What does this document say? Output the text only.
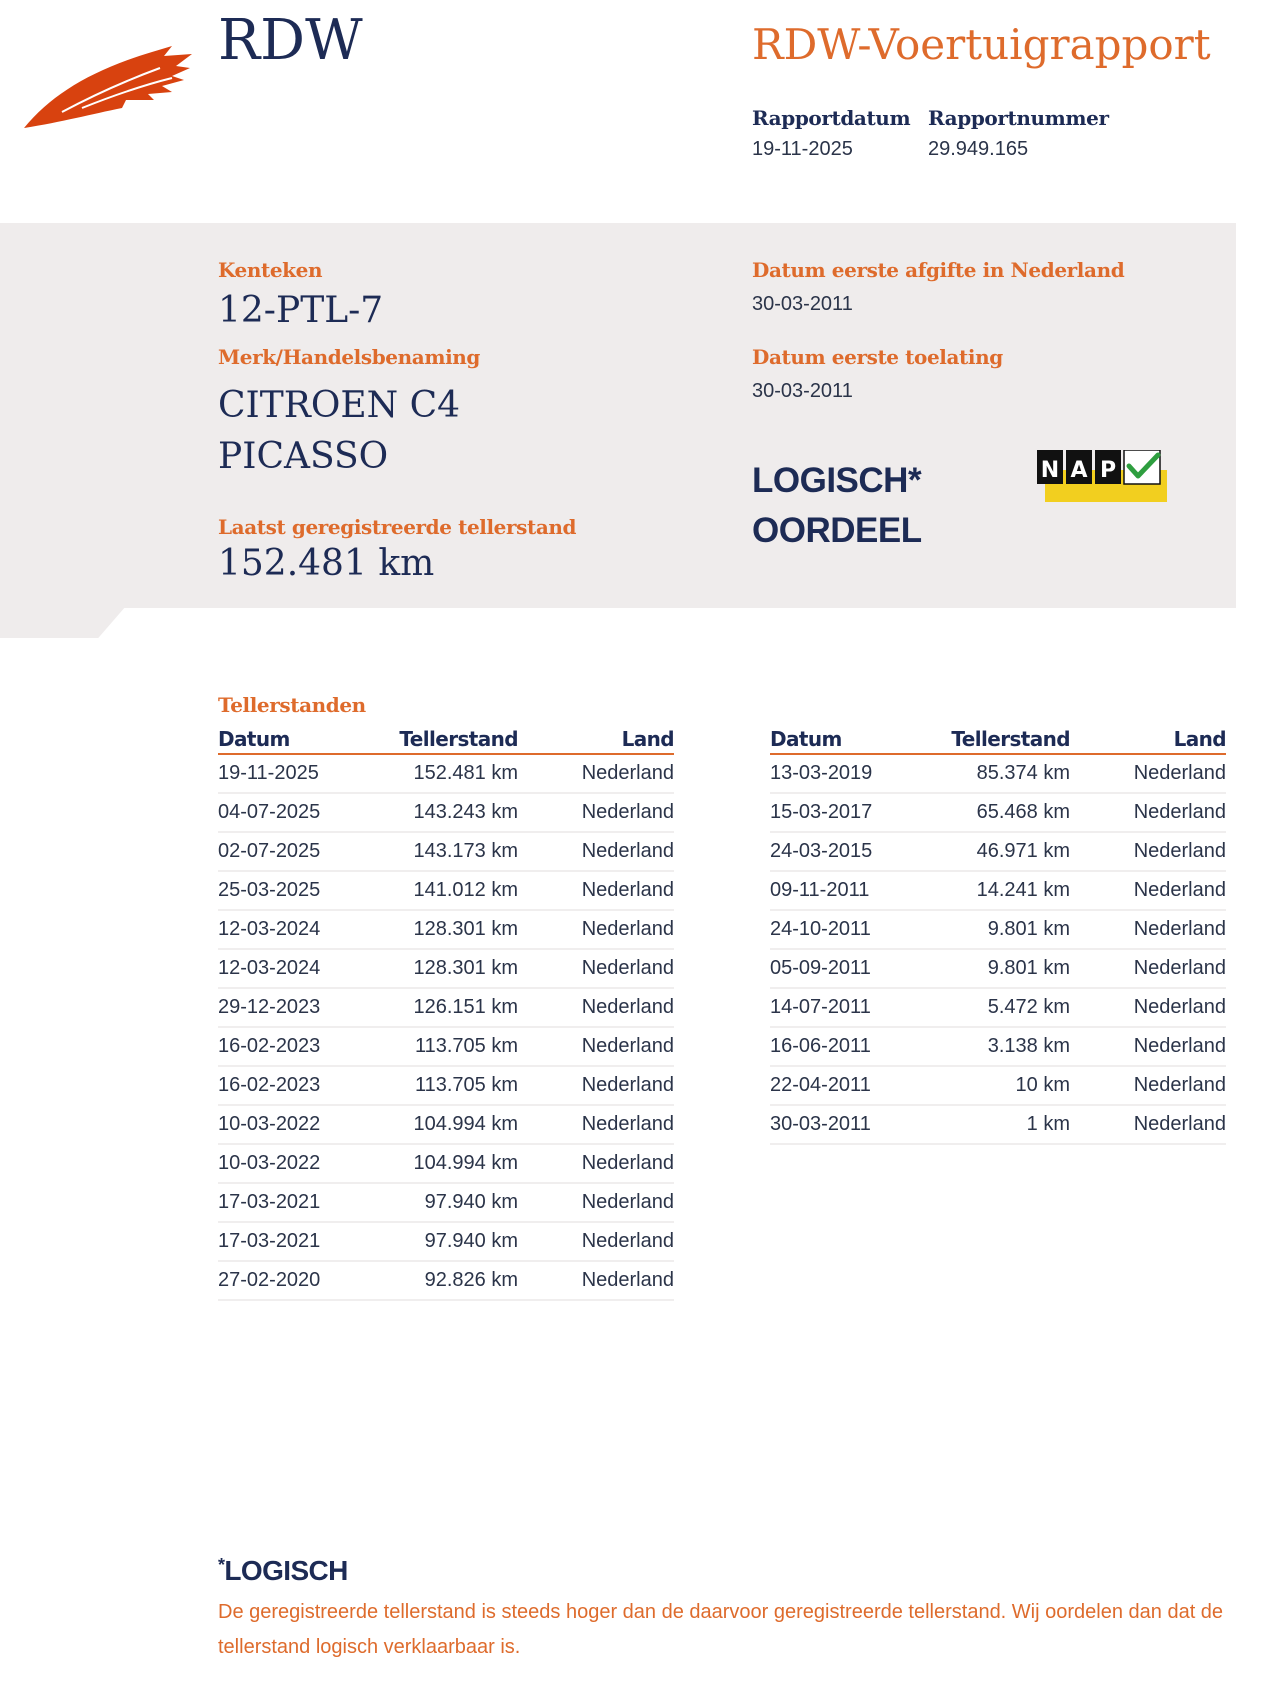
RDW	RDW-Voertuigrapport
Rapportdatum
19-11-2025
Rapportnummer
29.949.165
Kenteken
12-PTL-7
Merk/Handelsbenaming
CITROEN C4 PICASSO
Laatst geregistreerde tellerstand
152.481 km
Datum eerste afgifte in Nederland
30-03-2011
Datum eerste toelating
30-03-2011
LOGISCH*
OORDEEL
N A P
Tellerstanden
Datum	Tellerstand	Land
19-11-2025	152.481 km	Nederland
04-07-2025	143.243 km	Nederland
02-07-2025	143.173 km	Nederland
25-03-2025	141.012 km	Nederland
12-03-2024	128.301 km	Nederland
12-03-2024	128.301 km	Nederland
29-12-2023	126.151 km	Nederland
16-02-2023	113.705 km	Nederland
16-02-2023	113.705 km	Nederland
10-03-2022	104.994 km	Nederland
10-03-2022	104.994 km	Nederland
17-03-2021	97.940 km	Nederland
17-03-2021	97.940 km	Nederland
27-02-2020	92.826 km	Nederland
Datum	Tellerstand	Land
13-03-2019	85.374 km	Nederland
15-03-2017	65.468 km	Nederland
24-03-2015	46.971 km	Nederland
09-11-2011	14.241 km	Nederland
24-10-2011	9.801 km	Nederland
05-09-2011	9.801 km	Nederland
14-07-2011	5.472 km	Nederland
16-06-2011	3.138 km	Nederland
22-04-2011	10 km	Nederland
30-03-2011	1 km	Nederland
*LOGISCH
De geregistreerde tellerstand is steeds hoger dan de daarvoor geregistreerde tellerstand. Wij oordelen dan dat de tellerstand logisch verklaarbaar is.
